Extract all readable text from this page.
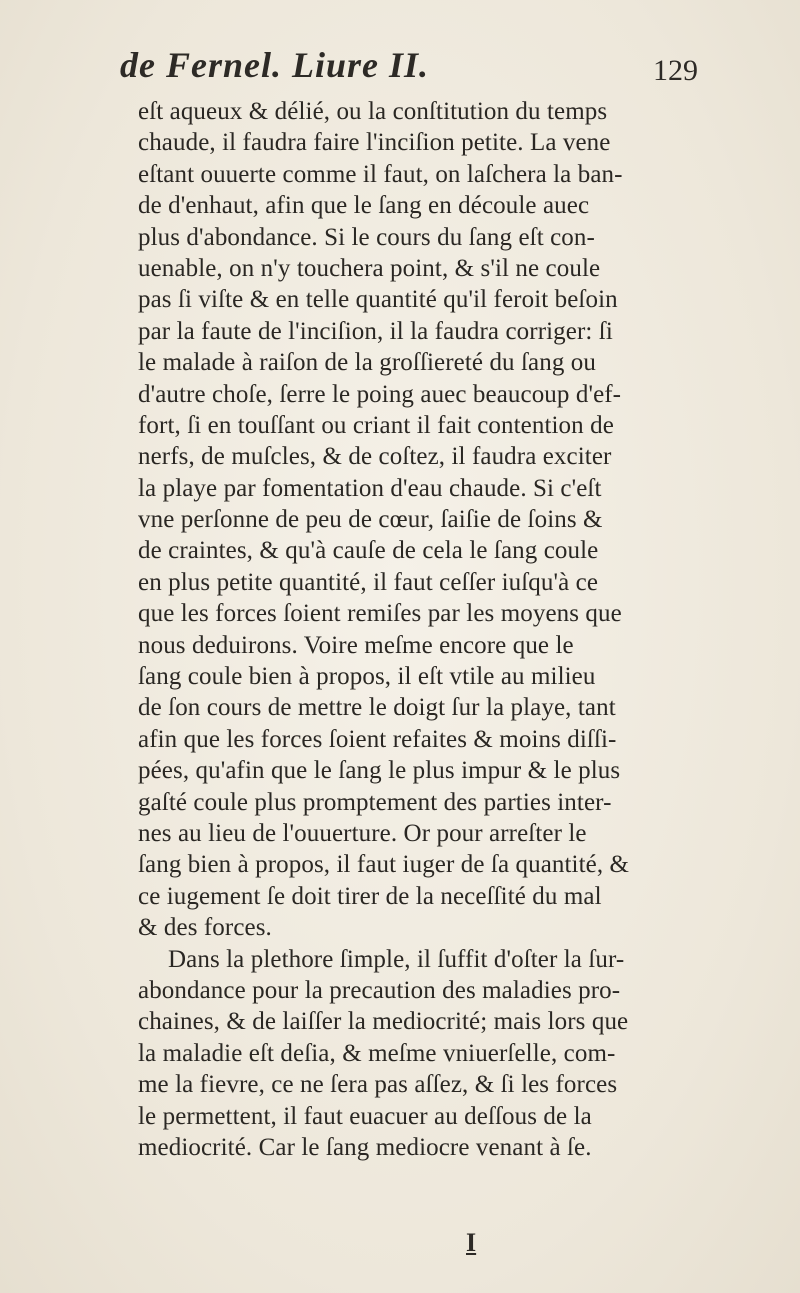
de Fernel. Liure II.	129
eſt aqueux & délié, ou la conſtitution du temps
chaude, il faudra faire l'inciſion petite. La vene
eſtant ouuerte comme il faut, on laſchera la ban-
de d'enhaut, afin que le ſang en découle auec
plus d'abondance. Si le cours du ſang eſt con-
uenable, on n'y touchera point, & s'il ne coule
pas ſi viſte & en telle quantité qu'il feroit beſoin
par la faute de l'inciſion, il la faudra corriger: ſi
le malade à raiſon de la groſſiereté du ſang ou
d'autre choſe, ſerre le poing auec beaucoup d'ef-
fort, ſi en touſſant ou criant il fait contention de
nerfs, de muſcles, & de coſtez, il faudra exciter
la playe par fomentation d'eau chaude. Si c'eſt
vne perſonne de peu de cœur, ſaiſie de ſoins &
de craintes, & qu'à cauſe de cela le ſang coule
en plus petite quantité, il faut ceſſer iuſqu'à ce
que les forces ſoient remiſes par les moyens que
nous deduirons. Voire meſme encore que le
ſang coule bien à propos, il eſt vtile au milieu
de ſon cours de mettre le doigt ſur la playe, tant
afin que les forces ſoient refaites & moins diſſi-
pées, qu'afin que le ſang le plus impur & le plus
gaſté coule plus promptement des parties inter-
nes au lieu de l'ouuerture. Or pour arreſter le
ſang bien à propos, il faut iuger de ſa quantité, &
ce iugement ſe doit tirer de la neceſſité du mal
& des forces.
Dans la plethore ſimple, il ſuffit d'oſter la ſur-
abondance pour la precaution des maladies pro-
chaines, & de laiſſer la mediocrité; mais lors que
la maladie eſt deſia, & meſme vniuerſelle, com-
me la fievre, ce ne ſera pas aſſez, & ſi les forces
le permettent, il faut euacuer au deſſous de la
mediocrité. Car le ſang mediocre venant à ſe.
I
